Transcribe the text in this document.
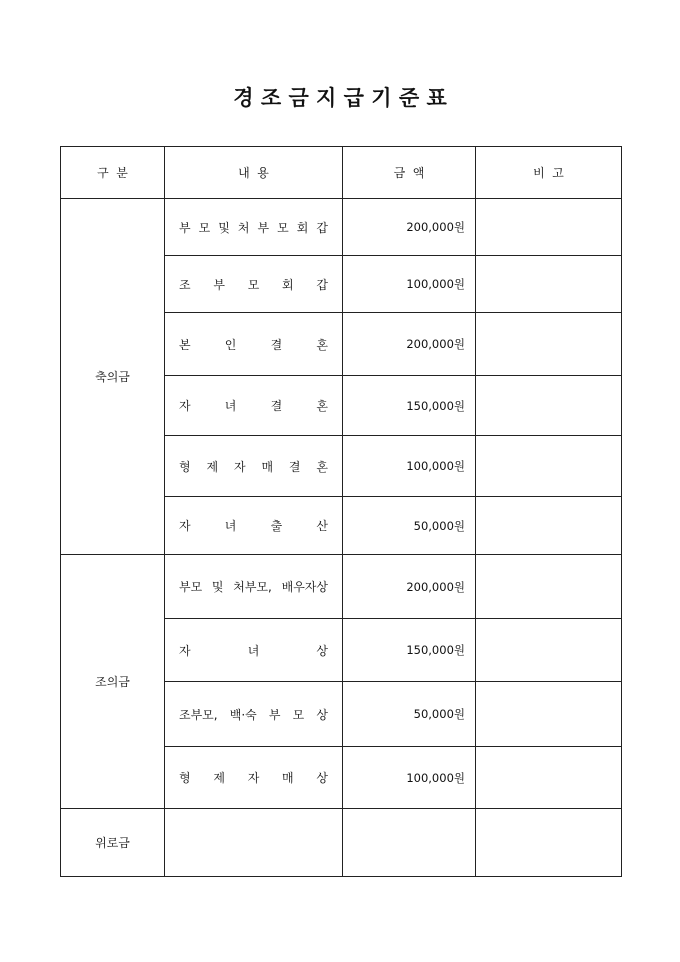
경 조 금 지 급 기 준 표
구  분	내  용	금  액	비  고
축의금	부 모 및 처 부 모 회 갑	200,000원	
	조 부 모 회 갑	100,000원	
	본 인 결 혼	200,000원	
	자 녀 결 혼	150,000원	
	형 제 자 매 결 혼	100,000원	
	자 녀 출 산	50,000원	
조의금	부모 및 처부모, 배우자상	200,000원	
	자 녀 상	150,000원	
	조부모, 백·숙 부 모 상	50,000원	
	형 제 자 매 상	100,000원	
위로금			
